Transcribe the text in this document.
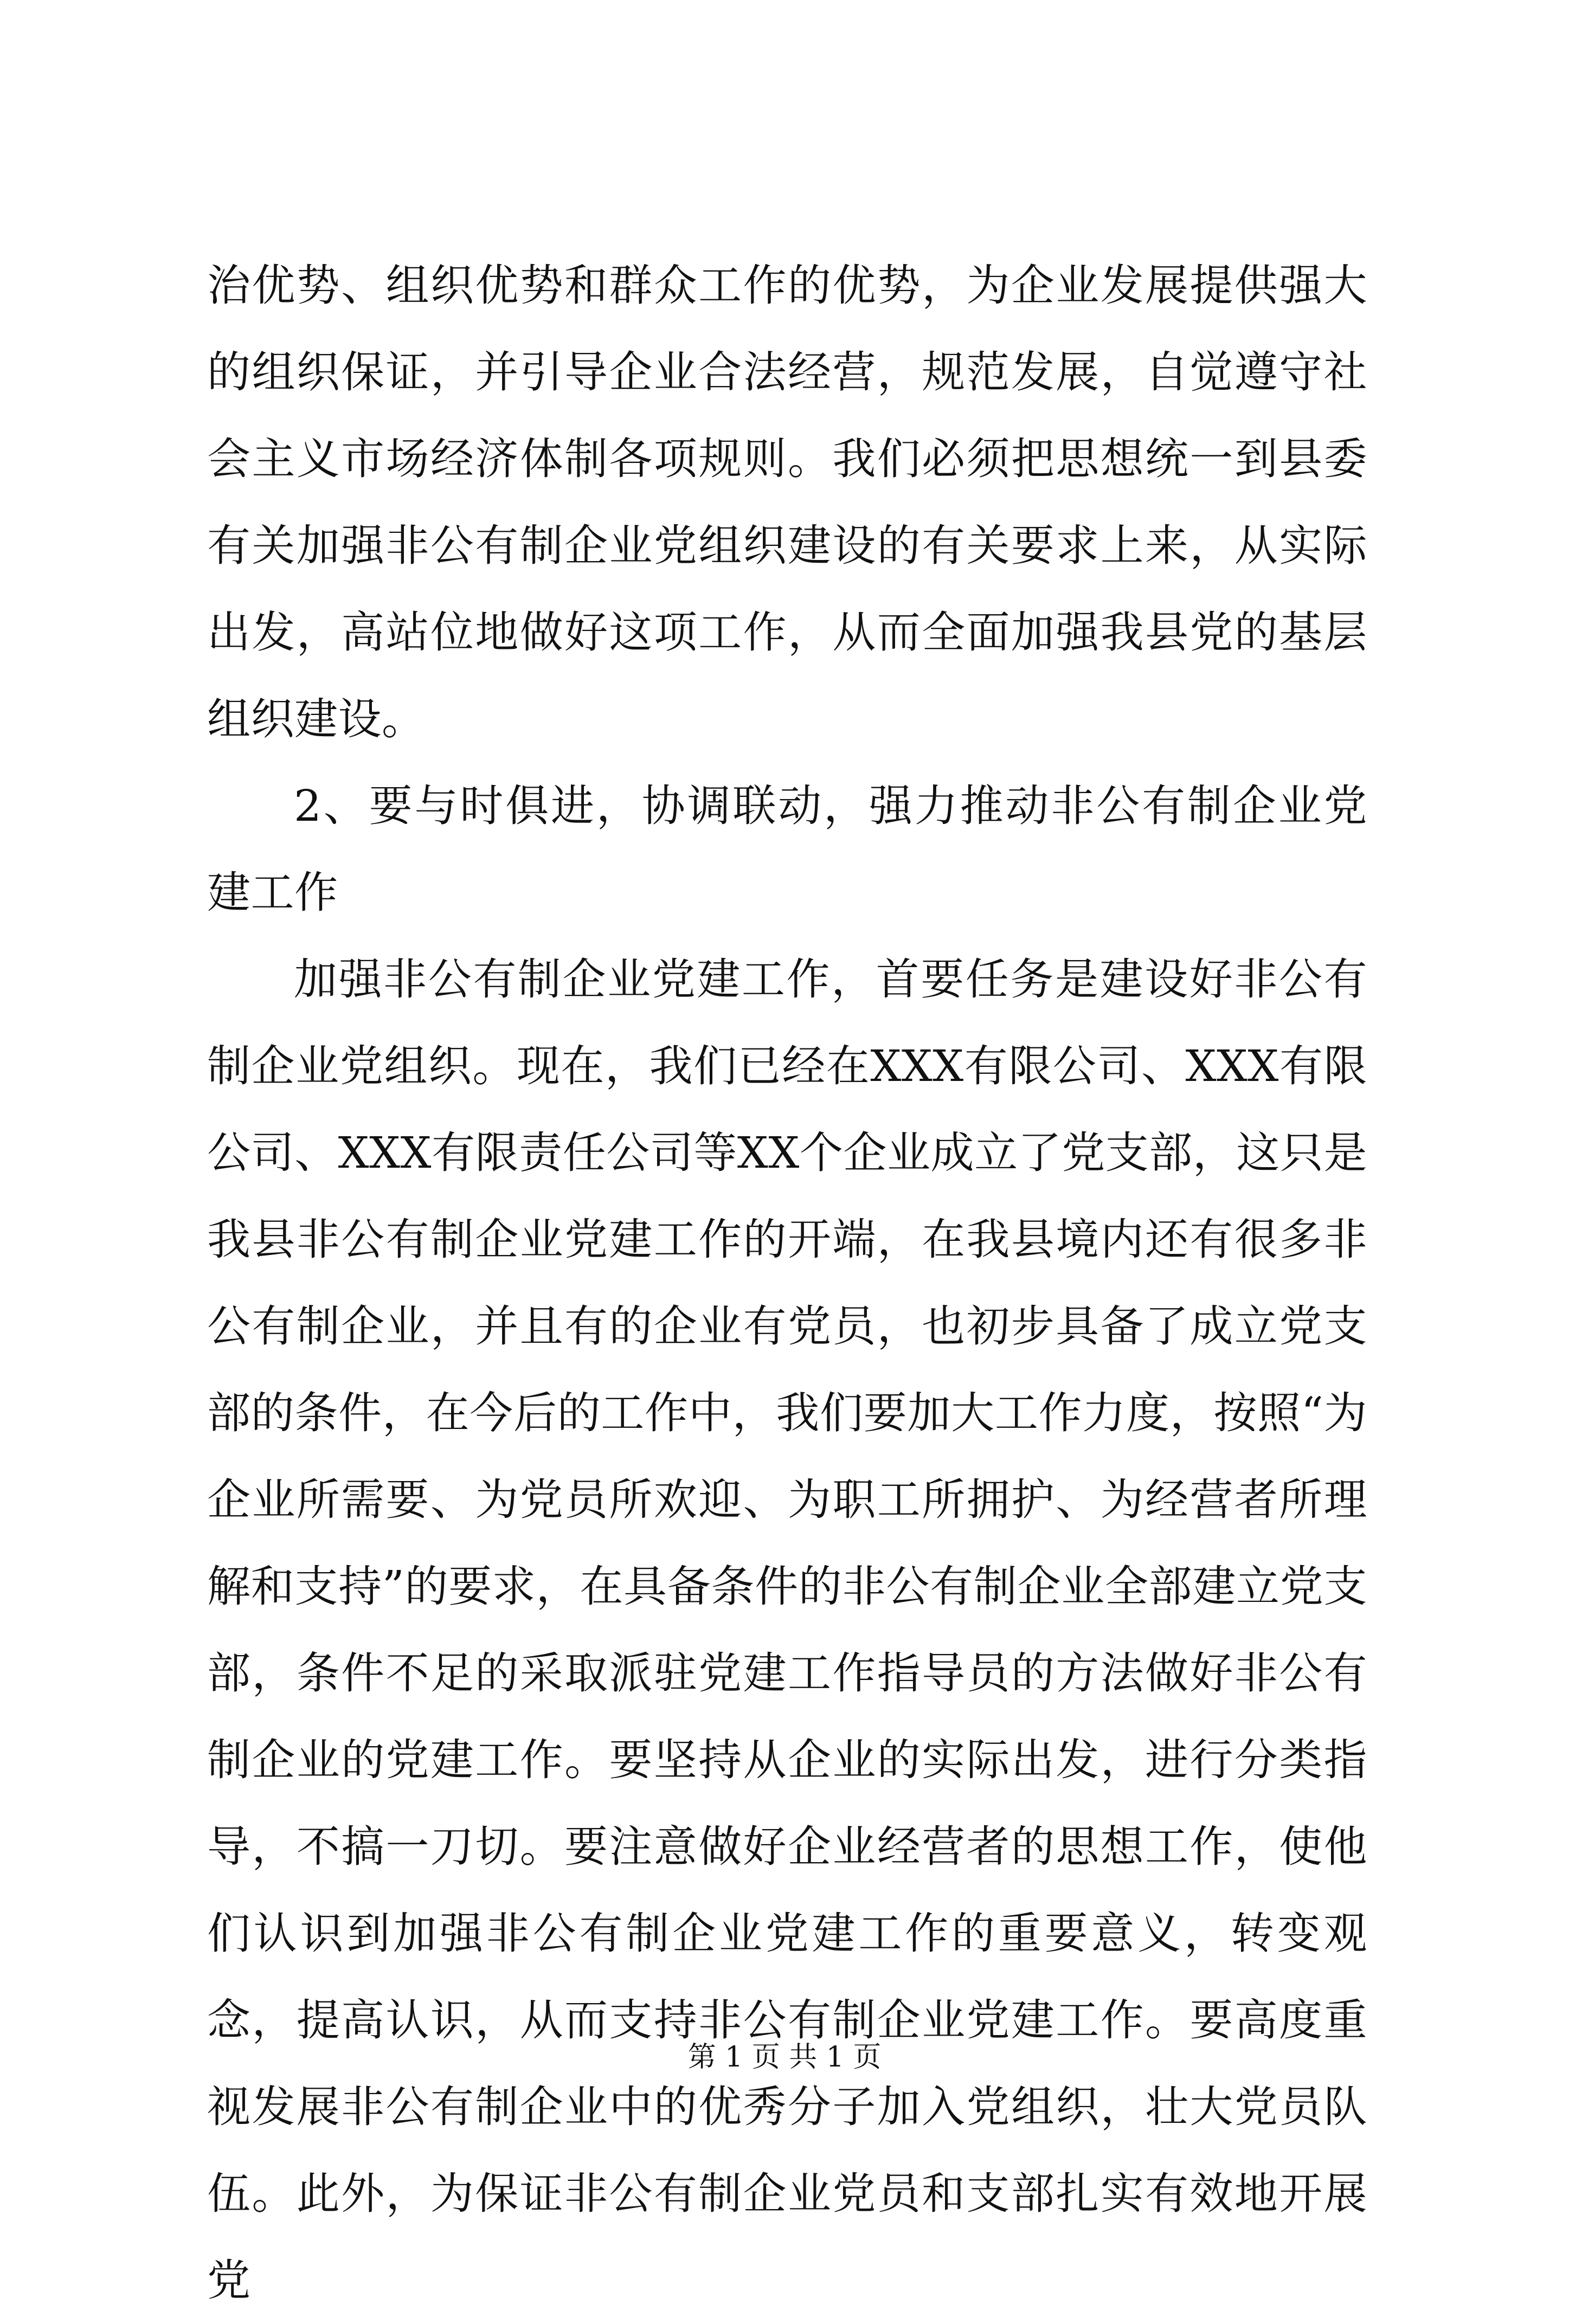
治优势、组织优势和群众工作的优势，为企业发展提供强大的组织保证，并引导企业合法经营，规范发展，自觉遵守社会主义市场经济体制各项规则。我们必须把思想统一到县委有关加强非公有制企业党组织建设的有关要求上来，从实际出发，高站位地做好这项工作，从而全面加强我县党的基层组织建设。

2、要与时俱进，协调联动，强力推动非公有制企业党建工作

加强非公有制企业党建工作，首要任务是建设好非公有制企业党组织。现在，我们已经在XXX有限公司、XXX有限公司、XXX有限责任公司等XX个企业成立了党支部，这只是我县非公有制企业党建工作的开端，在我县境内还有很多非公有制企业，并且有的企业有党员，也初步具备了成立党支部的条件，在今后的工作中，我们要加大工作力度，按照“为企业所需要、为党员所欢迎、为职工所拥护、为经营者所理解和支持”的要求，在具备条件的非公有制企业全部建立党支部，条件不足的采取派驻党建工作指导员的方法做好非公有制企业的党建工作。要坚持从企业的实际出发，进行分类指导，不搞一刀切。要注意做好企业经营者的思想工作，使他们认识到加强非公有制企业党建工作的重要意义，转变观念，提高认识，从而支持非公有制企业党建工作。要高度重视发展非公有制企业中的优秀分子加入党组织，壮大党员队伍。此外，为保证非公有制企业党员和支部扎实有效地开展党

第 1 页 共 1 页
